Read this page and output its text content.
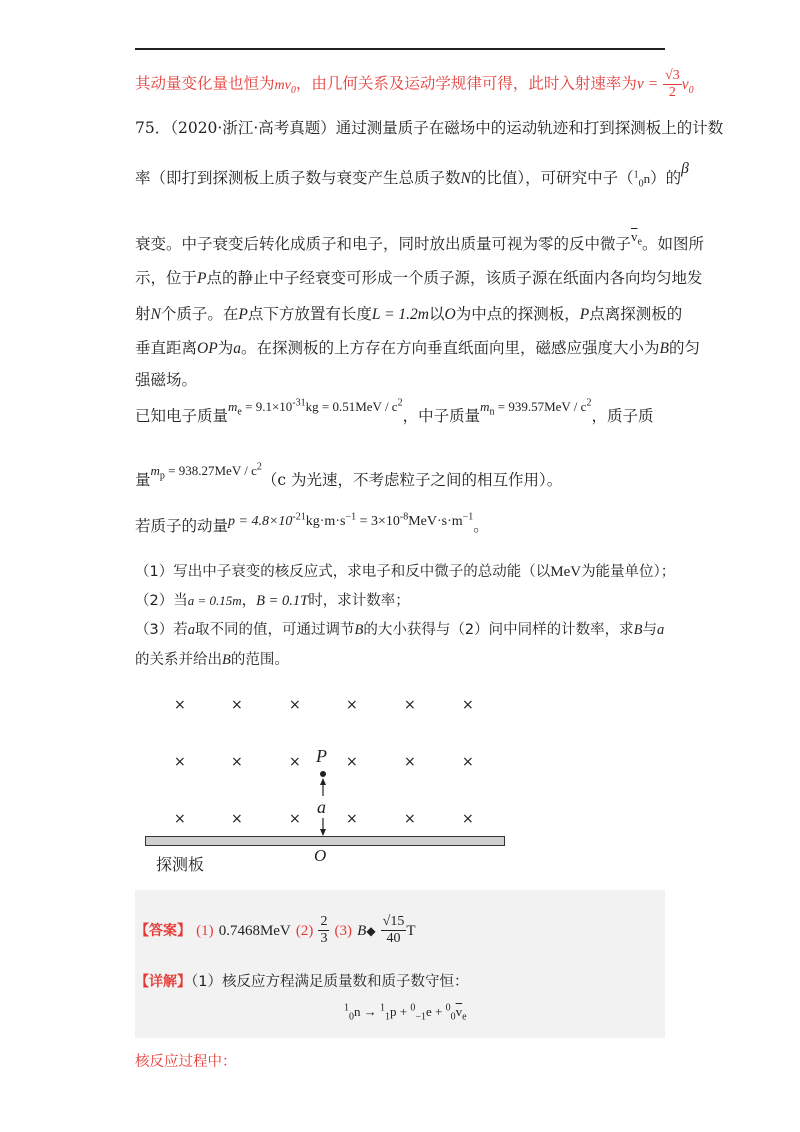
其动量变化量也恒为$mv_0$，由几何关系及运动学规律可得，此时入射速率为$v = \frac{√3}{2} v_0$
75．（2020·浙江·高考真题）通过测量质子在磁场中的运动轨迹和打到探测板上的计数
率（即打到探测板上质子数与衰变产生总质子数N的比值），可研究中子（$^1_0$n）的β
衰变。中子衰变后转化成质子和电子，同时放出质量可视为零的反中微子$^{\overline{v}_e}$。如图所
示，位于P点的静止中子经衰变可形成一个质子源，该质子源在纸面内各向均匀地发
射N个质子。在P点下方放置有长度L = 1.2m以O为中点的探测板，P点离探测板的
垂直距离OP为a。在探测板的上方存在方向垂直纸面向里，磁感应强度大小为B的匀
强磁场。
已知电子质量$^{m_e = 9.1\times 10^{-31}kg = 0.51MeV / c^2}$，中子质量$^{m_n = 939.57MeV / c^2}$，质子质
量$^{m_p = 938.27MeV / c^2}$（c 为光速，不考虑粒子之间的相互作用）。
若质子的动量$p = 4.8\times 10^{-21}kg\cdot m\cdot s^{-1} = 3\times 10^{-8}MeV\cdot s\cdot m^{-1}$。
（1）写出中子衰变的核反应式，求电子和反中微子的总动能（以MeV为能量单位）；
（2）当a = 0.15m，B = 0.1T时，求计数率；
（3）若a取不同的值，可通过调节B的大小获得与（2）问中同样的计数率，求B与a
的关系并给出B的范围。
×	×	×	×	×	×
×	×	×	×	×	×
×	×	×	×	×	×
P
a
O
探测板
【答案】 (1) 0.7468MeV $(2) \frac{2}{3} (3)$ B◆ $\frac{√15}{40}$ T
【详解】（1）核反应方程满足质量数和质子数守恒：
$^1_0n \to ^1_1p + ^0_{-1}e + ^0_0\overline{v}_e$
核反应过程中：
